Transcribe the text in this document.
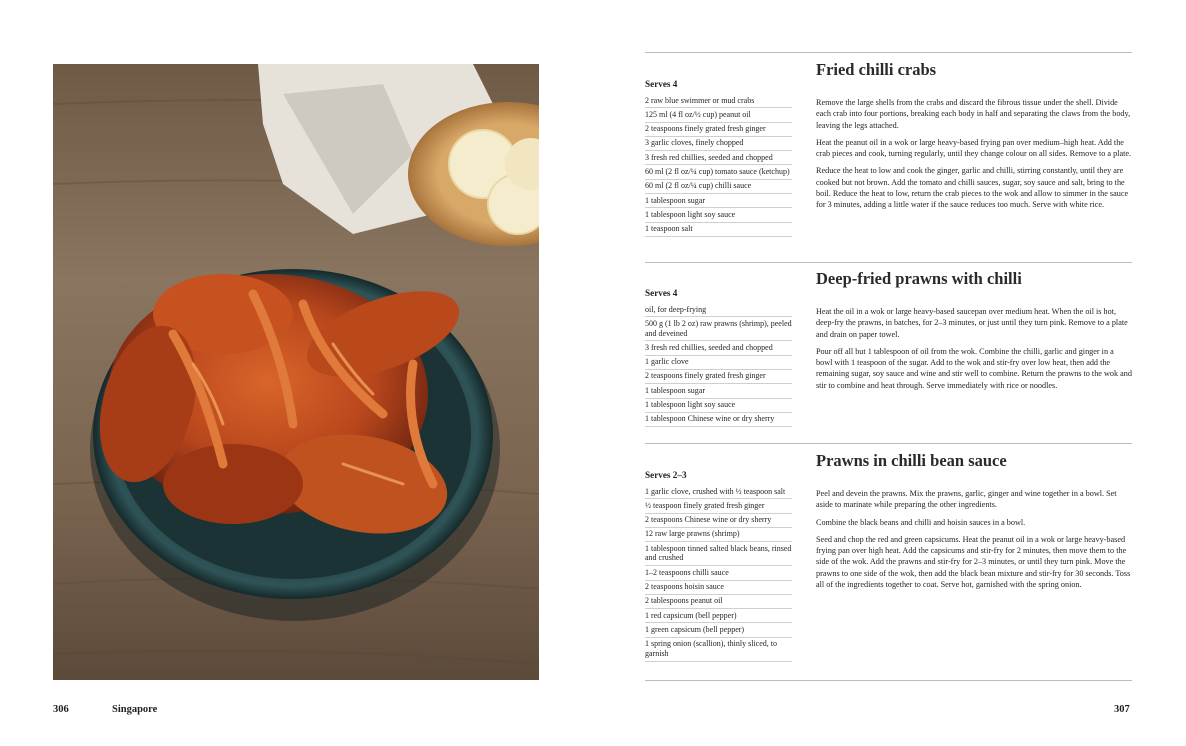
306	Singapore	307
Fried chilli crabs
Serves 4
2 raw blue swimmer or mud crabs
125 ml (4 fl oz/½ cup) peanut oil
2 teaspoons finely grated fresh ginger
3 garlic cloves, finely chopped
3 fresh red chillies, seeded and chopped
60 ml (2 fl oz/¼ cup) tomato sauce (ketchup)
60 ml (2 fl oz/¼ cup) chilli sauce
1 tablespoon sugar
1 tablespoon light soy sauce
1 teaspoon salt

Remove the large shells from the crabs and discard the fibrous tissue under the shell. Divide each crab into four portions, breaking each body in half and separating the claws from the body, leaving the legs attached.

Heat the peanut oil in a wok or large heavy-based frying pan over medium–high heat. Add the crab pieces and cook, turning regularly, until they change colour on all sides. Remove to a plate.

Reduce the heat to low and cook the ginger, garlic and chilli, stirring constantly, until they are cooked but not brown. Add the tomato and chilli sauces, sugar, soy sauce and salt, bring to the boil. Reduce the heat to low, return the crab pieces to the wok and allow to simmer in the sauce for 3 minutes, adding a little water if the sauce reduces too much. Serve with white rice.

Deep-fried prawns with chilli
Serves 4
oil, for deep-frying
500 g (1 lb 2 oz) raw prawns (shrimp), peeled and deveined
3 fresh red chillies, seeded and chopped
1 garlic clove
2 teaspoons finely grated fresh ginger
1 tablespoon sugar
1 tablespoon light soy sauce
1 tablespoon Chinese wine or dry sherry

Heat the oil in a wok or large heavy-based saucepan over medium heat. When the oil is hot, deep-fry the prawns, in batches, for 2–3 minutes, or just until they turn pink. Remove to a plate and drain on paper towel.

Pour off all but 1 tablespoon of oil from the wok. Combine the chilli, garlic and ginger in a bowl with 1 teaspoon of the sugar. Add to the wok and stir-fry over low heat, then add the remaining sugar, soy sauce and wine and stir well to combine. Return the prawns to the wok and stir to combine and heat through. Serve immediately with rice or noodles.

Prawns in chilli bean sauce
Serves 2–3
1 garlic clove, crushed with ½ teaspoon salt
½ teaspoon finely grated fresh ginger
2 teaspoons Chinese wine or dry sherry
12 raw large prawns (shrimp)
1 tablespoon tinned salted black beans, rinsed and crushed
1–2 teaspoons chilli sauce
2 teaspoons hoisin sauce
2 tablespoons peanut oil
1 red capsicum (bell pepper)
1 green capsicum (bell pepper)
1 spring onion (scallion), thinly sliced, to garnish

Peel and devein the prawns. Mix the prawns, garlic, ginger and wine together in a bowl. Set aside to marinate while preparing the other ingredients.

Combine the black beans and chilli and hoisin sauces in a bowl.

Seed and chop the red and green capsicums. Heat the peanut oil in a wok or large heavy-based frying pan over high heat. Add the capsicums and stir-fry for 2 minutes, then move them to the side of the wok. Add the prawns and stir-fry for 2–3 minutes, or until they turn pink. Move the prawns to one side of the wok, then add the black bean mixture and stir-fry for 30 seconds. Toss all of the ingredients together to coat. Serve hot, garnished with the spring onion.
